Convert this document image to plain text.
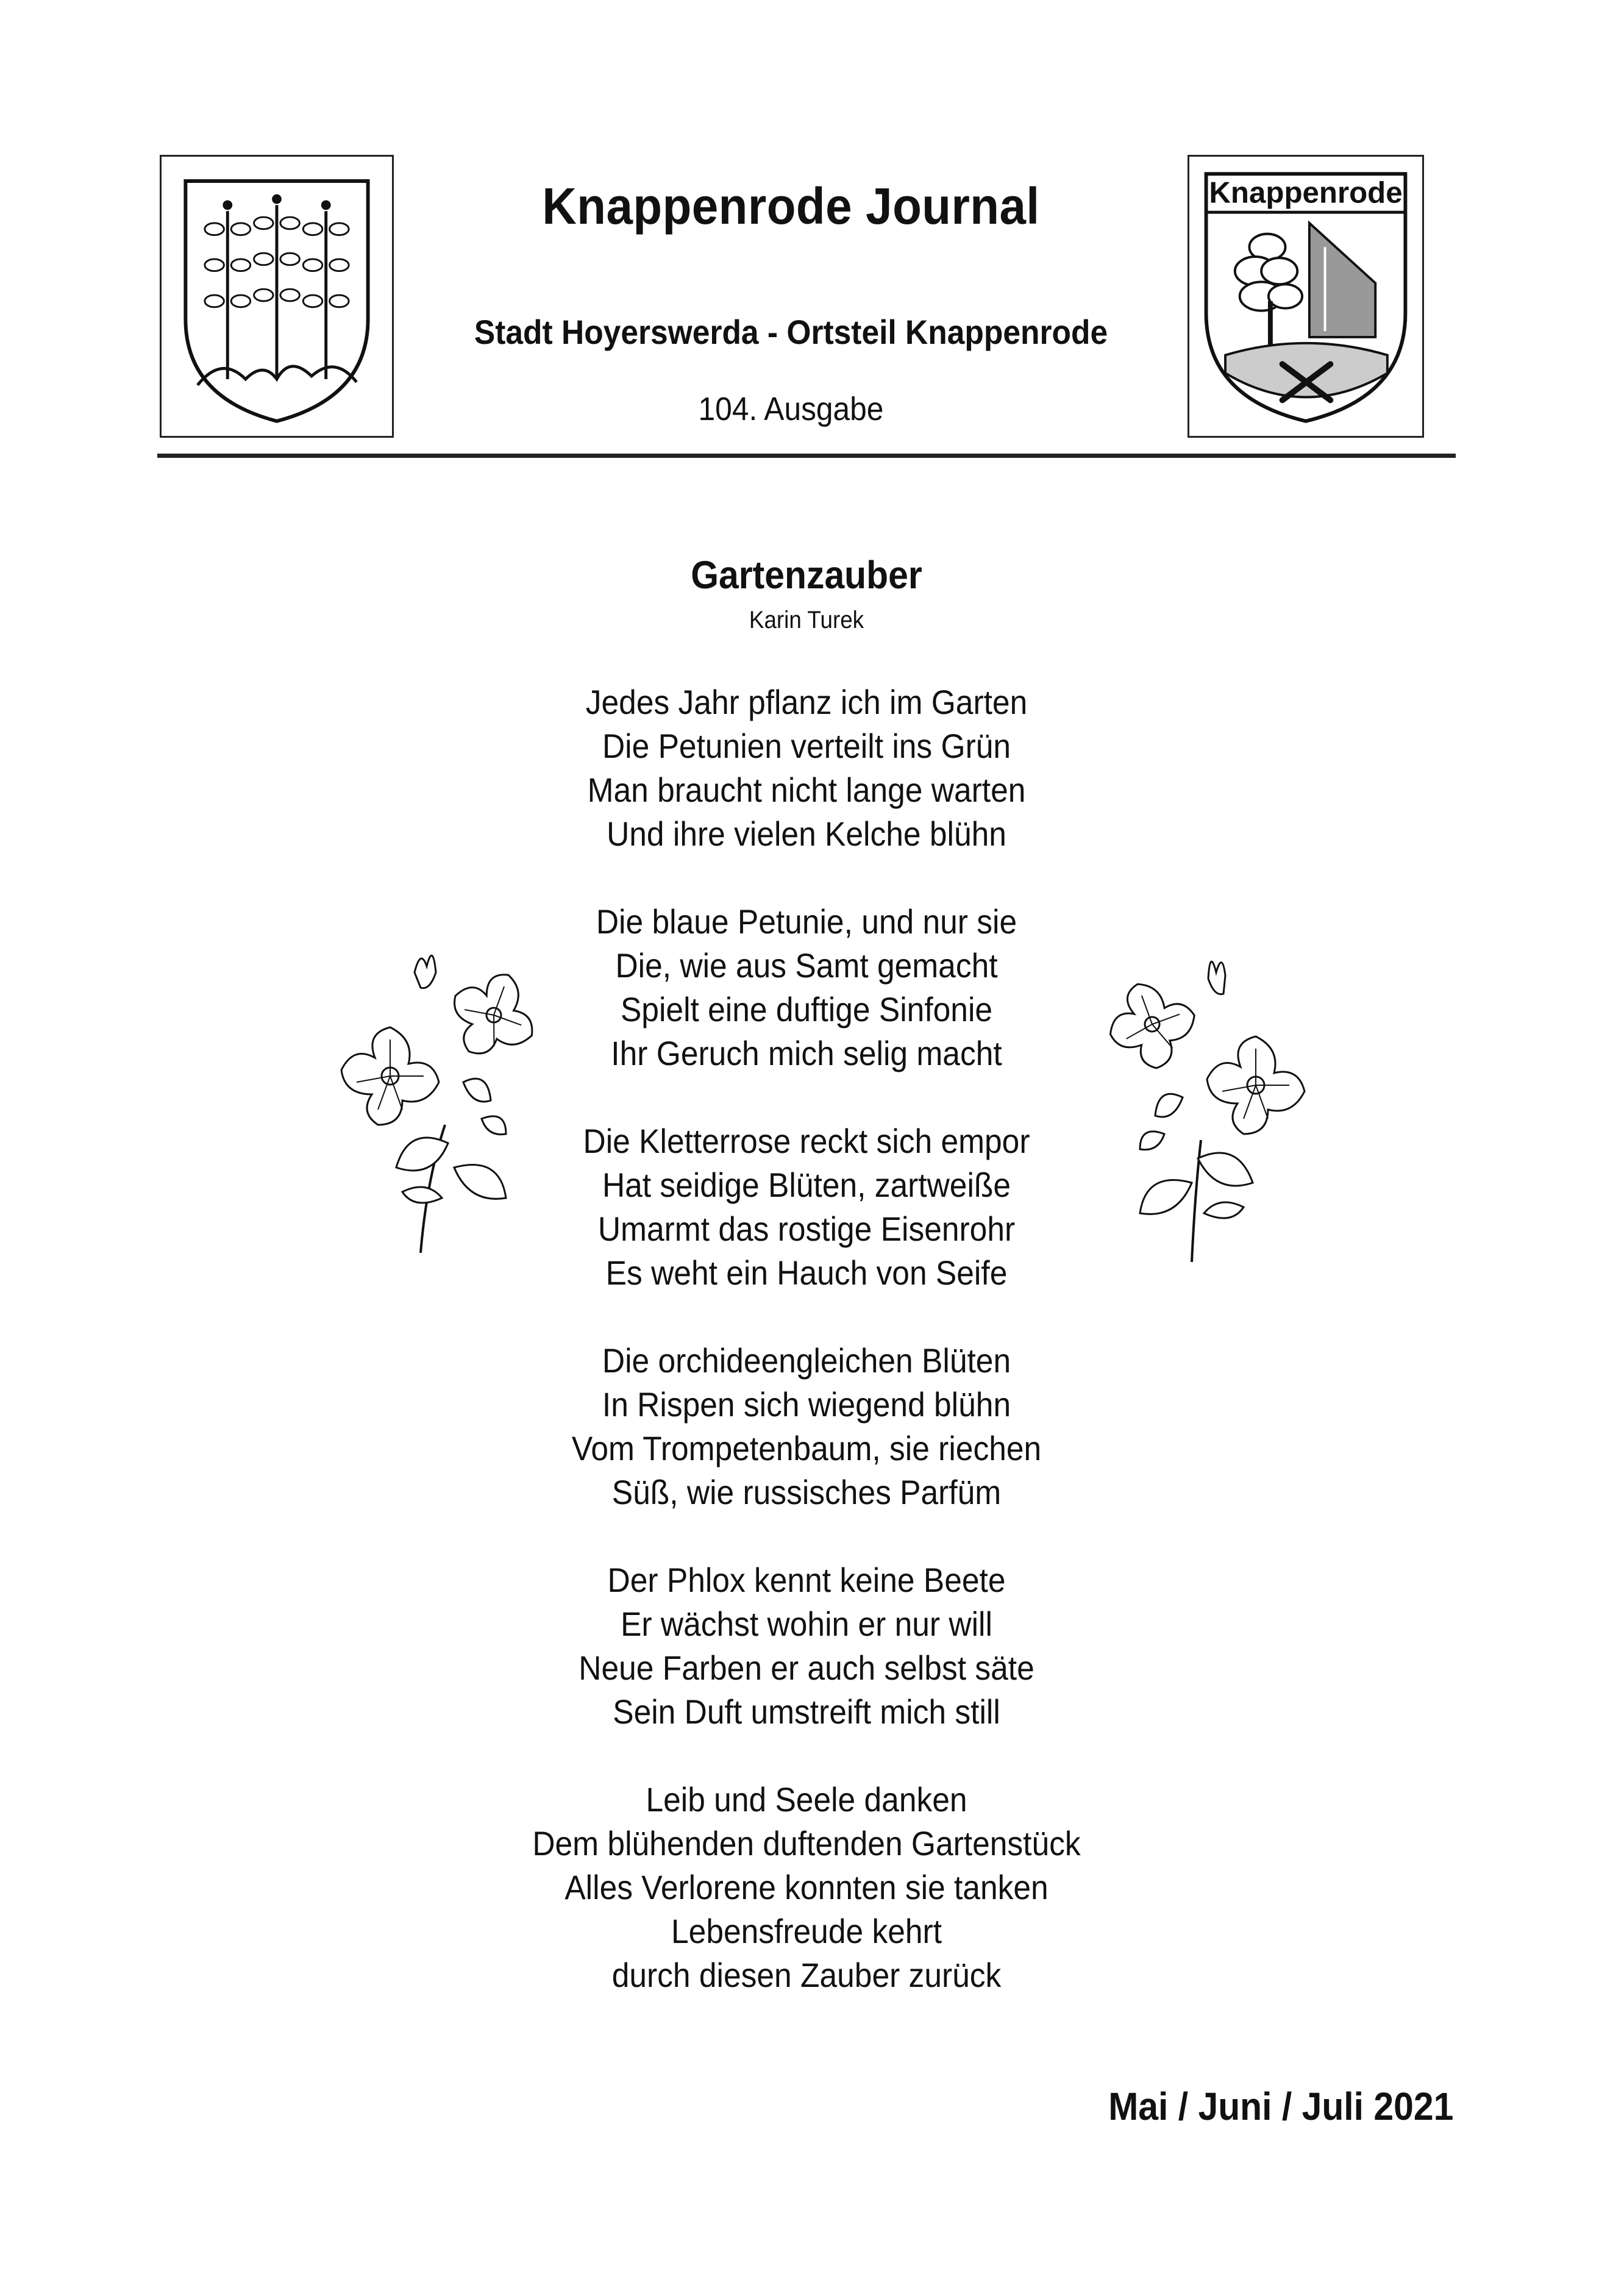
Knappenrode
Knappenrode Journal
Stadt Hoyerswerda - Ortsteil Knappenrode
104. Ausgabe
Gartenzauber
Karin Turek
Jedes Jahr pflanz ich im Garten
Die Petunien verteilt ins Grün
Man braucht nicht lange warten
Und ihre vielen Kelche blühn
Die blaue Petunie, und nur sie
Die, wie aus Samt gemacht
Spielt eine duftige Sinfonie
Ihr Geruch mich selig macht
Die Kletterrose reckt sich empor
Hat seidige Blüten, zartweiße
Umarmt das rostige Eisenrohr
Es weht ein Hauch von Seife
Die orchideengleichen Blüten
In Rispen sich wiegend blühn
Vom Trompetenbaum, sie riechen
Süß, wie russisches Parfüm
Der Phlox kennt keine Beete
Er wächst wohin er nur will
Neue Farben er auch selbst säte
Sein Duft umstreift mich still
Leib und Seele danken
Dem blühenden duftenden Gartenstück
Alles Verlorene konnten sie tanken
Lebensfreude kehrt
durch diesen Zauber zurück
Mai / Juni / Juli 2021
